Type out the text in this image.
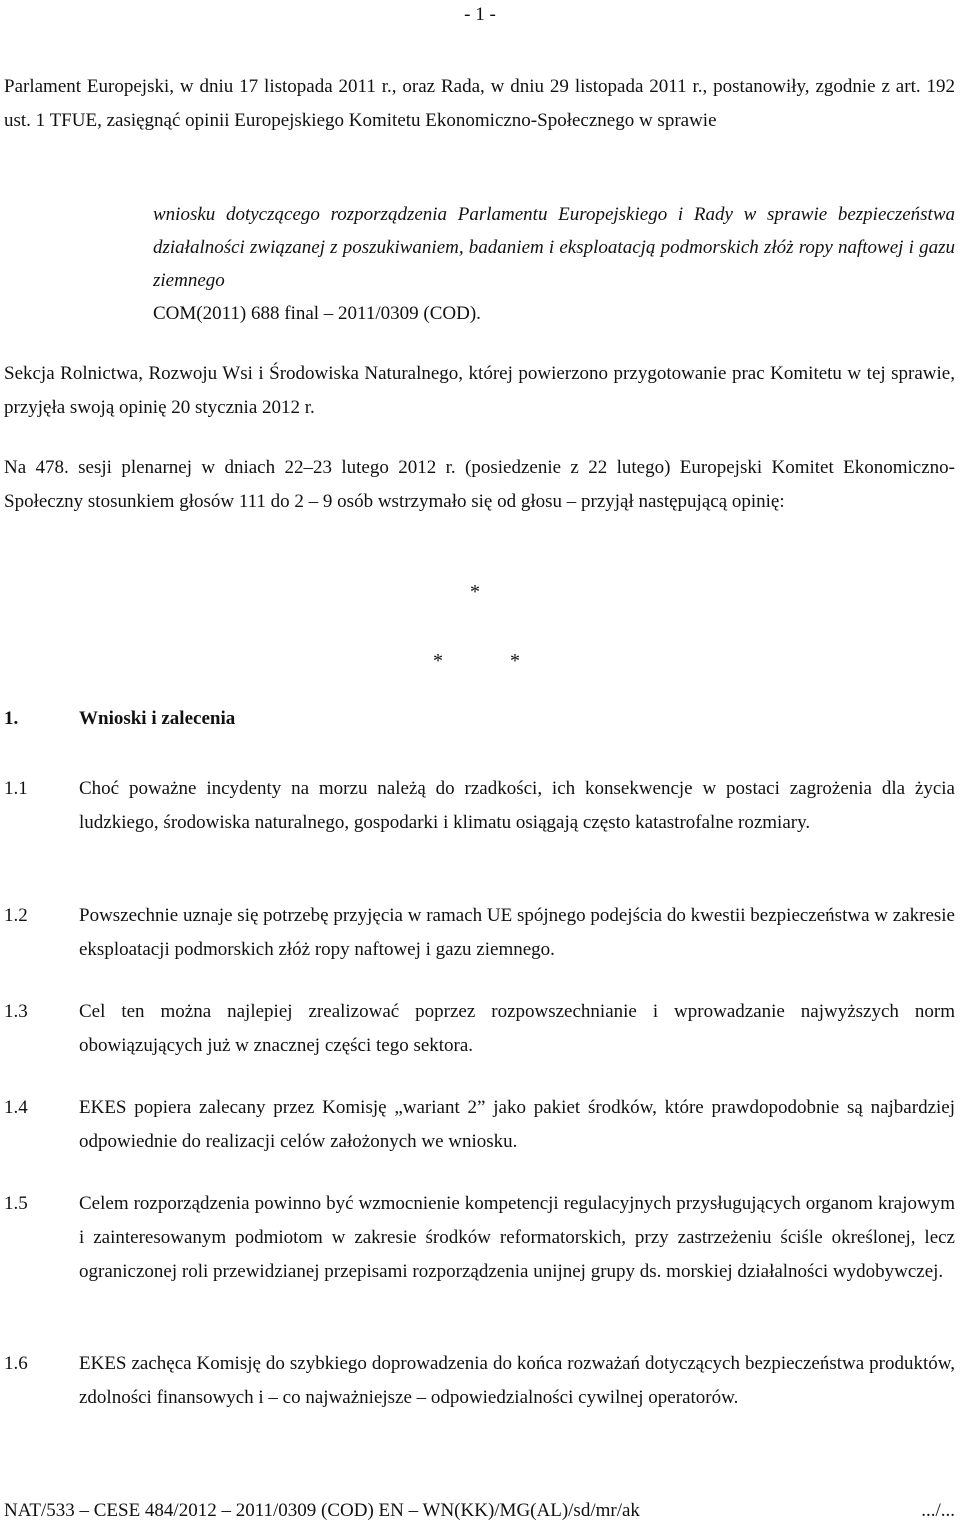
- 1 -
Parlament Europejski, w dniu 17 listopada 2011 r., oraz Rada, w dniu 29 listopada 2011 r., postanowiły, zgodnie z art. 192 ust. 1 TFUE, zasięgnąć opinii Europejskiego Komitetu Ekonomiczno-Społecznego w sprawie
wniosku dotyczącego rozporządzenia Parlamentu Europejskiego i Rady w sprawie bezpieczeństwa działalności związanej z poszukiwaniem, badaniem i eksploatacją podmorskich złóż ropy naftowej i gazu ziemnego
COM(2011) 688 final – 2011/0309 (COD).
Sekcja Rolnictwa, Rozwoju Wsi i Środowiska Naturalnego, której powierzono przygotowanie prac Komitetu w tej sprawie, przyjęła swoją opinię 20 stycznia 2012 r.
Na 478. sesji plenarnej w dniach 22–23 lutego 2012 r. (posiedzenie z 22 lutego) Europejski Komitet Ekonomiczno-Społeczny stosunkiem głosów 111 do 2 – 9 osób wstrzymało się od głosu – przyjął następującą opinię:
*
*	*
1.	Wnioski i zalecenia
1.1	Choć poważne incydenty na morzu należą do rzadkości, ich konsekwencje w postaci zagrożenia dla życia ludzkiego, środowiska naturalnego, gospodarki i klimatu osiągają często katastrofalne rozmiary.
1.2	Powszechnie uznaje się potrzebę przyjęcia w ramach UE spójnego podejścia do kwestii bezpieczeństwa w zakresie eksploatacji podmorskich złóż ropy naftowej i gazu ziemnego.
1.3	Cel ten można najlepiej zrealizować poprzez rozpowszechnianie i wprowadzanie najwyższych norm obowiązujących już w znacznej części tego sektora.
1.4	EKES popiera zalecany przez Komisję „wariant 2” jako pakiet środków, które prawdopodobnie są najbardziej odpowiednie do realizacji celów założonych we wniosku.
1.5	Celem rozporządzenia powinno być wzmocnienie kompetencji regulacyjnych przysługujących organom krajowym i zainteresowanym podmiotom w zakresie środków reformatorskich, przy zastrzeżeniu ściśle określonej, lecz ograniczonej roli przewidzianej przepisami rozporządzenia unijnej grupy ds. morskiej działalności wydobywczej.
1.6	EKES zachęca Komisję do szybkiego doprowadzenia do końca rozważań dotyczących bezpieczeństwa produktów, zdolności finansowych i – co najważniejsze – odpowiedzialności cywilnej operatorów.
NAT/533 – CESE 484/2012 – 2011/0309 (COD) EN – WN(KK)/MG(AL)/sd/mr/ak	.../...
